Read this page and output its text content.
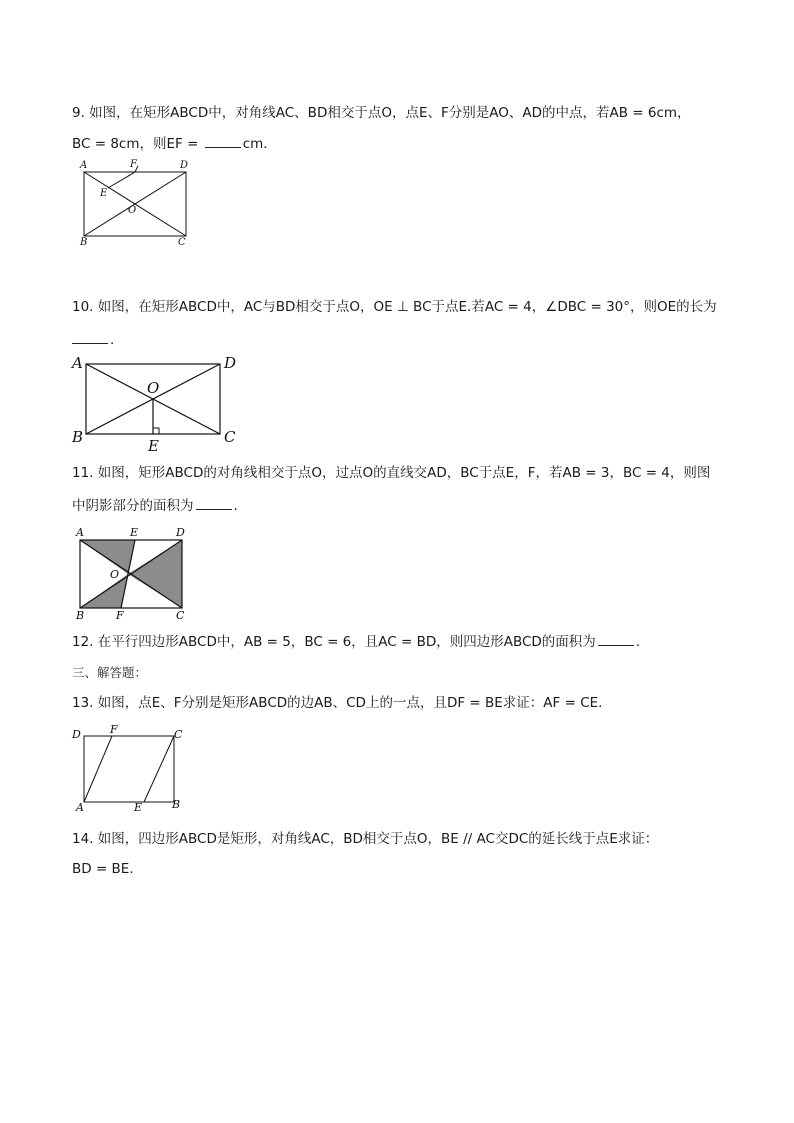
9. 如图，在矩形ABCD中，对角线AC、BD相交于点O，点E、F分别是AO、AD的中点，若AB = 6cm，
BC = 8cm，则EF =	cm.
A	F	D
E
O
B	C
10. 如图，在矩形ABCD中，AC与BD相交于点O，OE ⊥ BC于点E.若AC = 4，∠DBC = 30°，则OE的长为
.
A	D
O
B	E	C
11. 如图，矩形ABCD的对角线相交于点O，过点O的直线交AD，BC于点E，F，若AB = 3，BC = 4，则图
中阴影部分的面积为	.
A	E	D
O
B	F	C
12. 在平行四边形ABCD中，AB = 5，BC = 6，且AC = BD，则四边形ABCD的面积为	.
三、解答题：
13. 如图，点E、F分别是矩形ABCD的边AB、CD上的一点，且DF = BE求证：AF = CE.
D	F	C
A	E	B
14. 如图，四边形ABCD是矩形，对角线AC，BD相交于点O，BE // AC交DC的延长线于点E求证：
BD = BE.
